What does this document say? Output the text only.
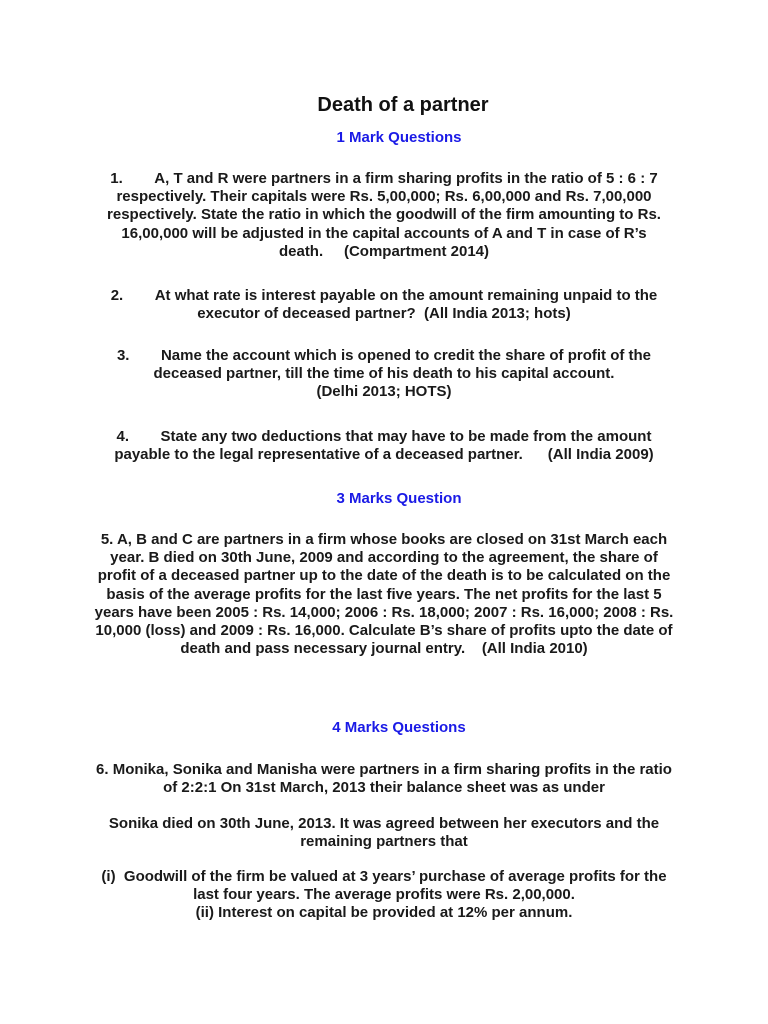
Death of a partner
1 Mark Questions
1. A, T and R were partners in a firm sharing profits in the ratio of 5 : 6 : 7 respectively. Their capitals were Rs. 5,00,000; Rs. 6,00,000 and Rs. 7,00,000 respectively. State the ratio in which the goodwill of the firm amounting to Rs. 16,00,000 will be adjusted in the capital accounts of A and T in case of R’s death.     (Compartment 2014)
2. At what rate is interest payable on the amount remaining unpaid to the executor of deceased partner?  (All India 2013; hots)
3. Name the account which is opened to credit the share of profit of the deceased partner, till the time of his death to his capital account.
(Delhi 2013; HOTS)
4. State any two deductions that may have to be made from the amount payable to the legal representative of a deceased partner.      (All India 2009)
3 Marks Question
5. A, B and C are partners in a firm whose books are closed on 31st March each year. B died on 30th June, 2009 and according to the agreement, the share of profit of a deceased partner up to the date of the death is to be calculated on the basis of the average profits for the last five years. The net profits for the last 5 years have been 2005 : Rs. 14,000; 2006 : Rs. 18,000; 2007 : Rs. 16,000; 2008 : Rs. 10,000 (loss) and 2009 : Rs. 16,000. Calculate B’s share of profits upto the date of death and pass necessary journal entry.    (All India 2010)
4 Marks Questions
6. Monika, Sonika and Manisha were partners in a firm sharing profits in the ratio of 2:2:1 On 31st March, 2013 their balance sheet was as under
Sonika died on 30th June, 2013. It was agreed between her executors and the remaining partners that
(i)  Goodwill of the firm be valued at 3 years’ purchase of average profits for the last four years. The average profits were Rs. 2,00,000.
(ii) Interest on capital be provided at 12% per annum.
